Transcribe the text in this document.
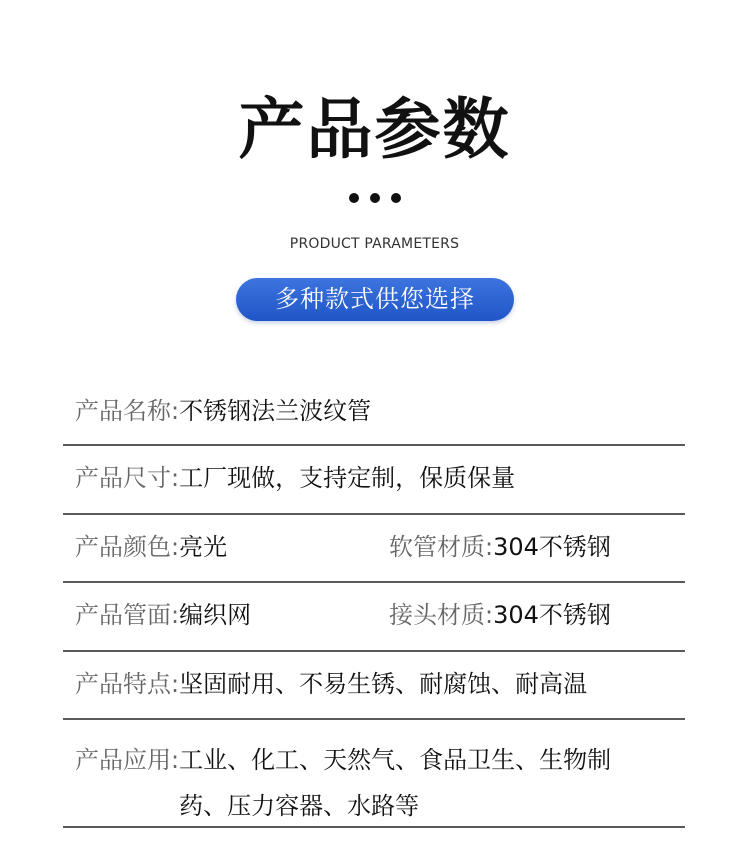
产品参数
PRODUCT PARAMETERS
多种款式供您选择
产品名称:不锈钢法兰波纹管
产品尺寸:工厂现做，支持定制，保质保量
产品颜色:亮光	软管材质:304不锈钢
产品管面:编织网	接头材质:304不锈钢
产品特点:坚固耐用、不易生锈、耐腐蚀、耐高温
产品应用: 工业、化工、天然气、食品卫生、生物制药、压力容器、水路等
